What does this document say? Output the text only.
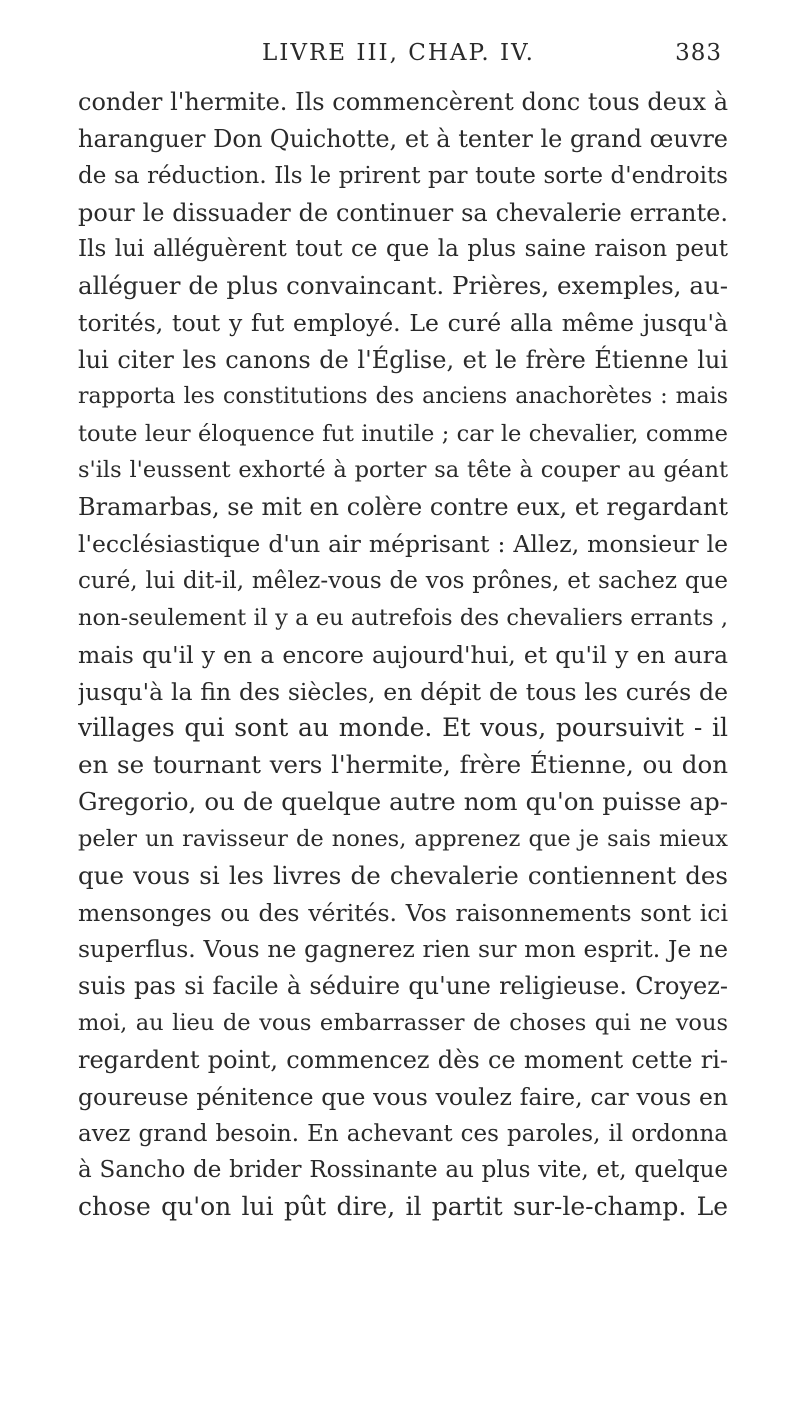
LIVRE III, CHAP. IV.	383
conder l'hermite. Ils commencèrent donc tous deux à
haranguer Don Quichotte, et à tenter le grand œuvre
de sa réduction. Ils le prirent par toute sorte d'endroits
pour le dissuader de continuer sa chevalerie errante.
Ils lui alléguèrent tout ce que la plus saine raison peut
alléguer de plus convaincant. Prières, exemples, au-
torités, tout y fut employé. Le curé alla même jusqu'à
lui citer les canons de l'Église, et le frère Étienne lui
rapporta les constitutions des anciens anachorètes : mais
toute leur éloquence fut inutile ; car le chevalier, comme
s'ils l'eussent exhorté à porter sa tête à couper au géant
Bramarbas, se mit en colère contre eux, et regardant
l'ecclésiastique d'un air méprisant : Allez, monsieur le
curé, lui dit-il, mêlez-vous de vos prônes, et sachez que
non-seulement il y a eu autrefois des chevaliers errants ,
mais qu'il y en a encore aujourd'hui, et qu'il y en aura
jusqu'à la fin des siècles, en dépit de tous les curés de
villages qui sont au monde. Et vous, poursuivit - il
en se tournant vers l'hermite, frère Étienne, ou don
Gregorio, ou de quelque autre nom qu'on puisse ap-
peler un ravisseur de nones, apprenez que je sais mieux
que vous si les livres de chevalerie contiennent des
mensonges ou des vérités. Vos raisonnements sont ici
superflus. Vous ne gagnerez rien sur mon esprit. Je ne
suis pas si facile à séduire qu'une religieuse. Croyez-
moi, au lieu de vous embarrasser de choses qui ne vous
regardent point, commencez dès ce moment cette ri-
goureuse pénitence que vous voulez faire, car vous en
avez grand besoin. En achevant ces paroles, il ordonna
à Sancho de brider Rossinante au plus vite, et, quelque
chose qu'on lui pût dire, il partit sur-le-champ. Le
